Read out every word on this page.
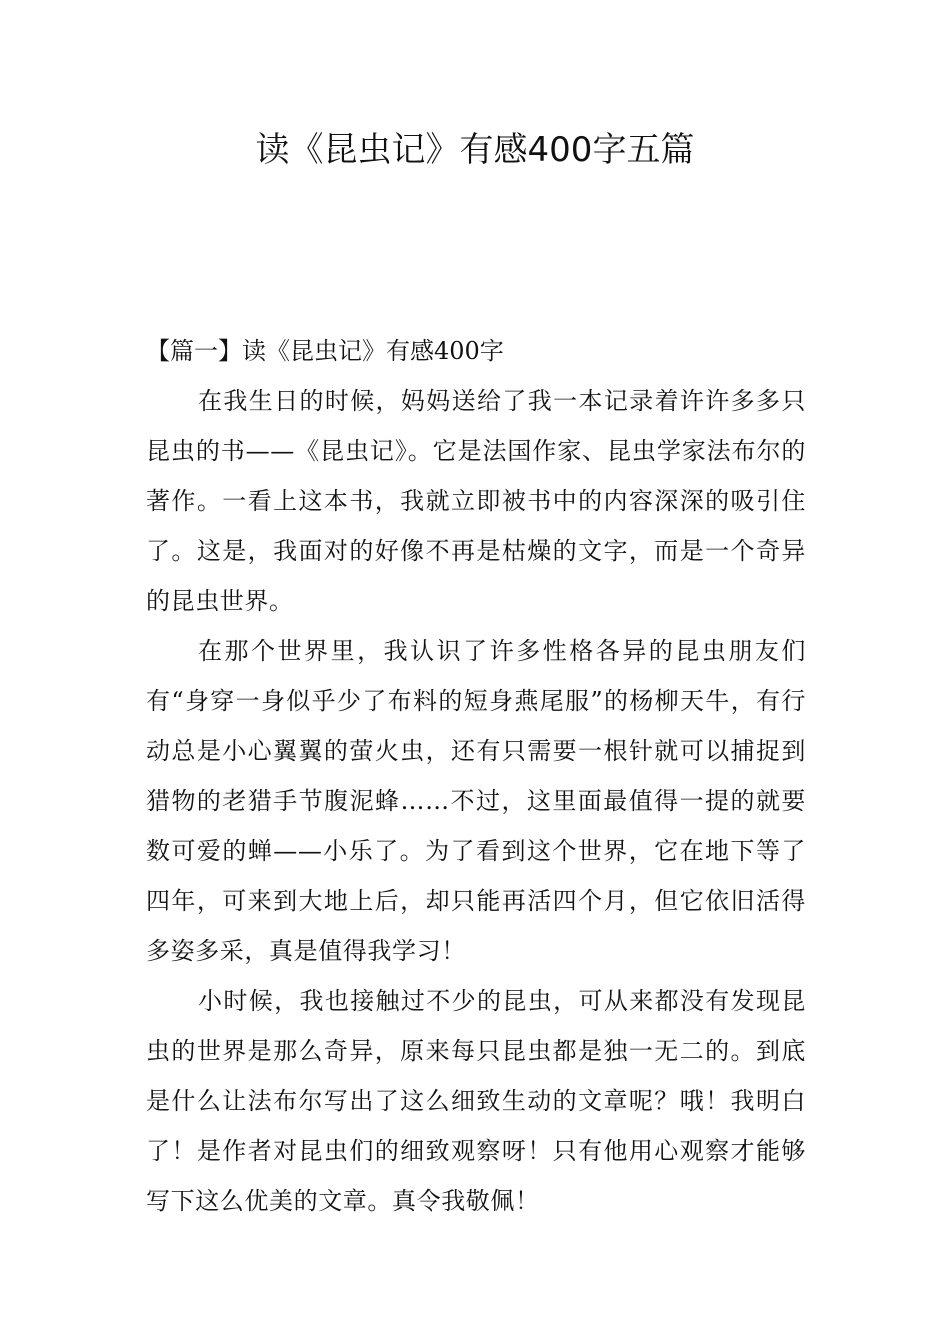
读《昆虫记》有感400字五篇
【篇一】读《昆虫记》有感400字

在我生日的时候，妈妈送给了我一本记录着许许多多只昆虫的书——《昆虫记》。它是法国作家、昆虫学家法布尔的著作。一看上这本书，我就立即被书中的内容深深的吸引住了。这是，我面对的好像不再是枯燥的文字，而是一个奇异的昆虫世界。

在那个世界里，我认识了许多性格各异的昆虫朋友们有“身穿一身似乎少了布料的短身燕尾服”的杨柳天牛，有行动总是小心翼翼的萤火虫，还有只需要一根针就可以捕捉到猎物的老猎手节腹泥蜂……不过，这里面最值得一提的就要数可爱的蝉——小乐了。为了看到这个世界，它在地下等了四年，可来到大地上后，却只能再活四个月，但它依旧活得多姿多采，真是值得我学习！

小时候，我也接触过不少的昆虫，可从来都没有发现昆虫的世界是那么奇异，原来每只昆虫都是独一无二的。到底是什么让法布尔写出了这么细致生动的文章呢？哦！我明白了！是作者对昆虫们的细致观察呀！只有他用心观察才能够写下这么优美的文章。真令我敬佩！
